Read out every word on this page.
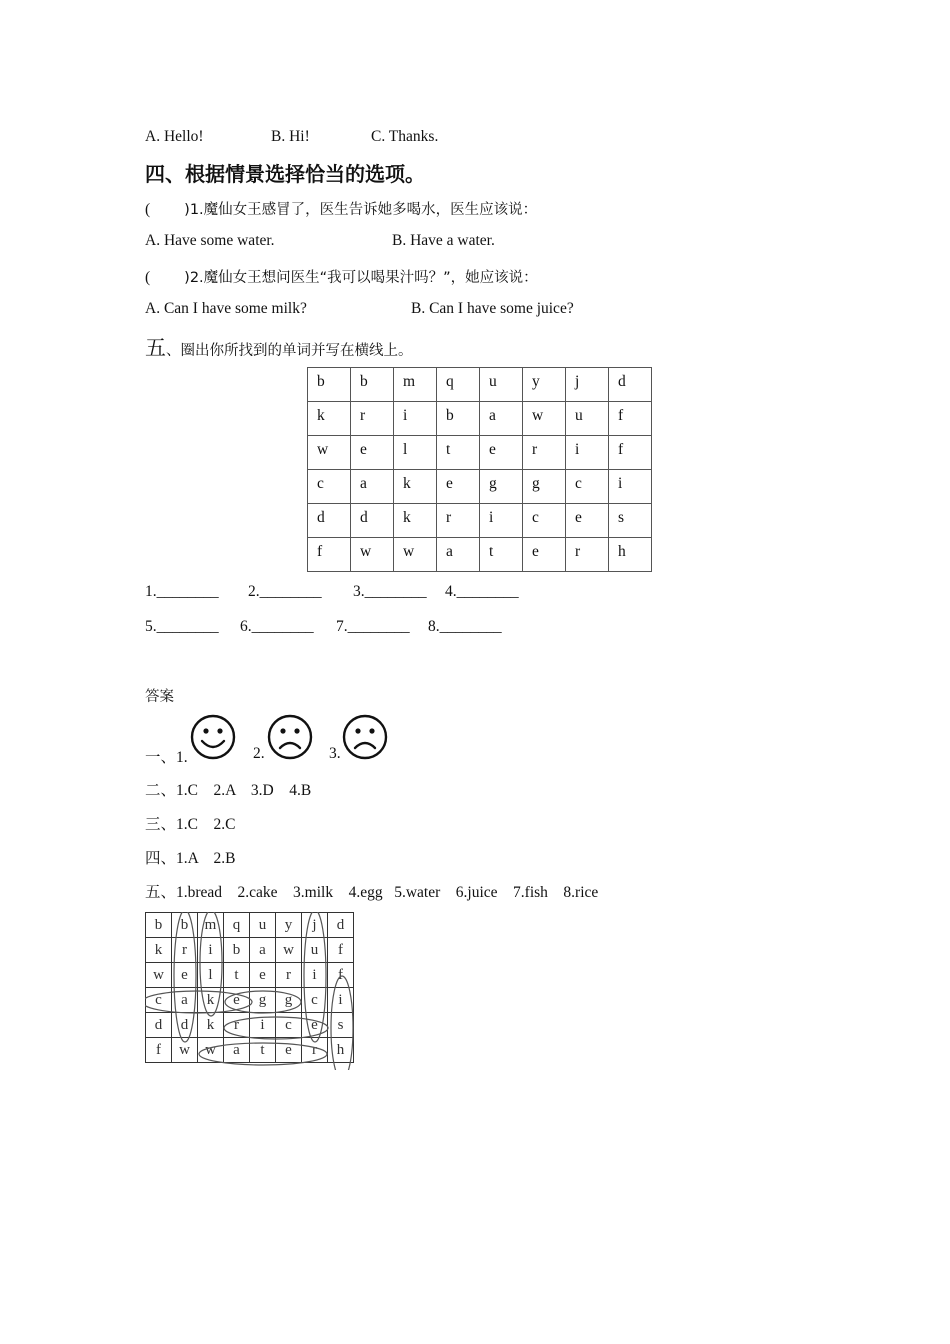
A. Hello!	B. Hi!	C. Thanks.
四、根据情景选择恰当的选项。
( )1.魔仙女王感冒了，医生告诉她多喝水，医生应该说：
A. Have some water.	B. Have a water.
( )2.魔仙女王想问医生“我可以喝果汁吗？”，她应该说：
A. Can I have some milk?	B. Can I have some juice?
五、圈出你所找到的单词并写在横线上。
b	b	m	q	u	y	j	d
k	r	i	b	a	w	u	f
w	e	l	t	e	r	i	f
c	a	k	e	g	g	c	i
d	d	k	r	i	c	e	s
f	w	w	a	t	e	r	h
1.________ 2.________ 3.________ 4.________
5.________ 6.________ 7.________ 8.________
答案
一、1.	2.	3.
二、1.C    2.A    3.D    4.B
三、1.C    2.C
四、1.A    2.B
五、1.bread    2.cake    3.milk    4.egg   5.water    6.juice    7.fish    8.rice
b	b	m	q	u	y	j	d
k	r	i	b	a	w	u	f
w	e	l	t	e	r	i	f
c	a	k	e	g	g	c	i
d	d	k	r	i	c	e	s
f	w	w	a	t	e	r	h
